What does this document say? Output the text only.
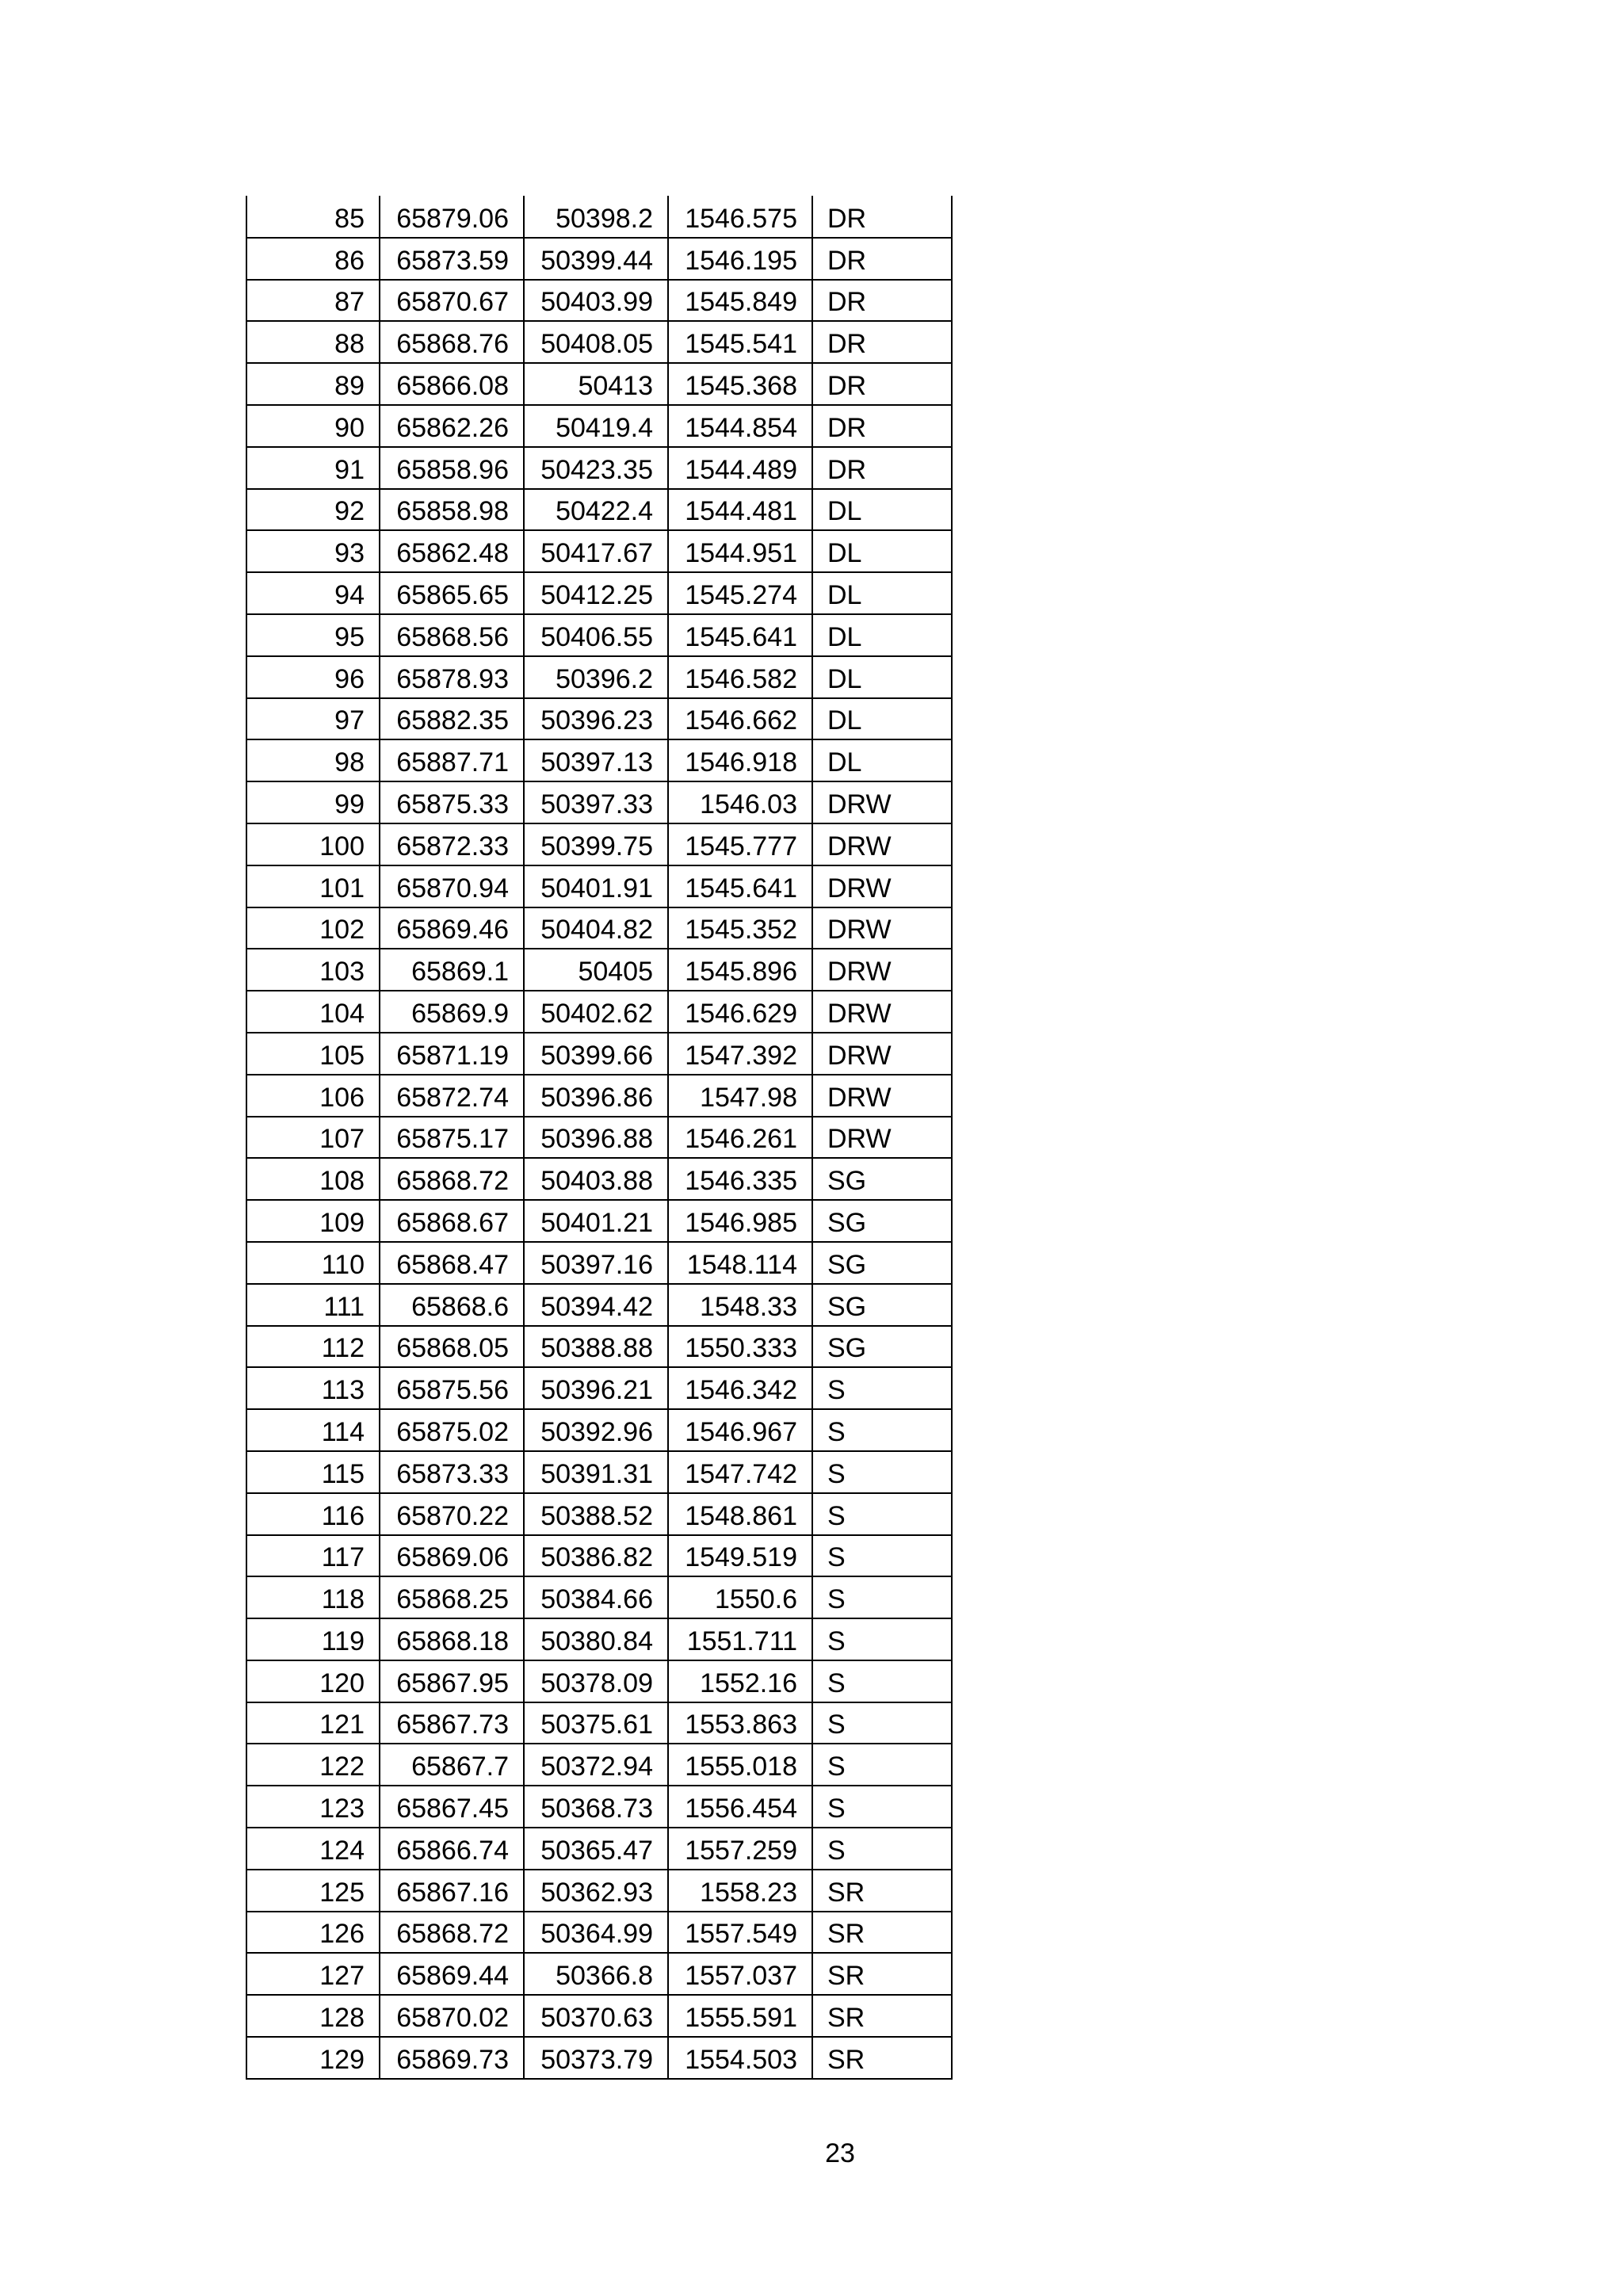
85	65879.06	50398.2	1546.575	DR
86	65873.59	50399.44	1546.195	DR
87	65870.67	50403.99	1545.849	DR
88	65868.76	50408.05	1545.541	DR
89	65866.08	50413	1545.368	DR
90	65862.26	50419.4	1544.854	DR
91	65858.96	50423.35	1544.489	DR
92	65858.98	50422.4	1544.481	DL
93	65862.48	50417.67	1544.951	DL
94	65865.65	50412.25	1545.274	DL
95	65868.56	50406.55	1545.641	DL
96	65878.93	50396.2	1546.582	DL
97	65882.35	50396.23	1546.662	DL
98	65887.71	50397.13	1546.918	DL
99	65875.33	50397.33	1546.03	DRW
100	65872.33	50399.75	1545.777	DRW
101	65870.94	50401.91	1545.641	DRW
102	65869.46	50404.82	1545.352	DRW
103	65869.1	50405	1545.896	DRW
104	65869.9	50402.62	1546.629	DRW
105	65871.19	50399.66	1547.392	DRW
106	65872.74	50396.86	1547.98	DRW
107	65875.17	50396.88	1546.261	DRW
108	65868.72	50403.88	1546.335	SG
109	65868.67	50401.21	1546.985	SG
110	65868.47	50397.16	1548.114	SG
111	65868.6	50394.42	1548.33	SG
112	65868.05	50388.88	1550.333	SG
113	65875.56	50396.21	1546.342	S
114	65875.02	50392.96	1546.967	S
115	65873.33	50391.31	1547.742	S
116	65870.22	50388.52	1548.861	S
117	65869.06	50386.82	1549.519	S
118	65868.25	50384.66	1550.6	S
119	65868.18	50380.84	1551.711	S
120	65867.95	50378.09	1552.16	S
121	65867.73	50375.61	1553.863	S
122	65867.7	50372.94	1555.018	S
123	65867.45	50368.73	1556.454	S
124	65866.74	50365.47	1557.259	S
125	65867.16	50362.93	1558.23	SR
126	65868.72	50364.99	1557.549	SR
127	65869.44	50366.8	1557.037	SR
128	65870.02	50370.63	1555.591	SR
129	65869.73	50373.79	1554.503	SR
23
